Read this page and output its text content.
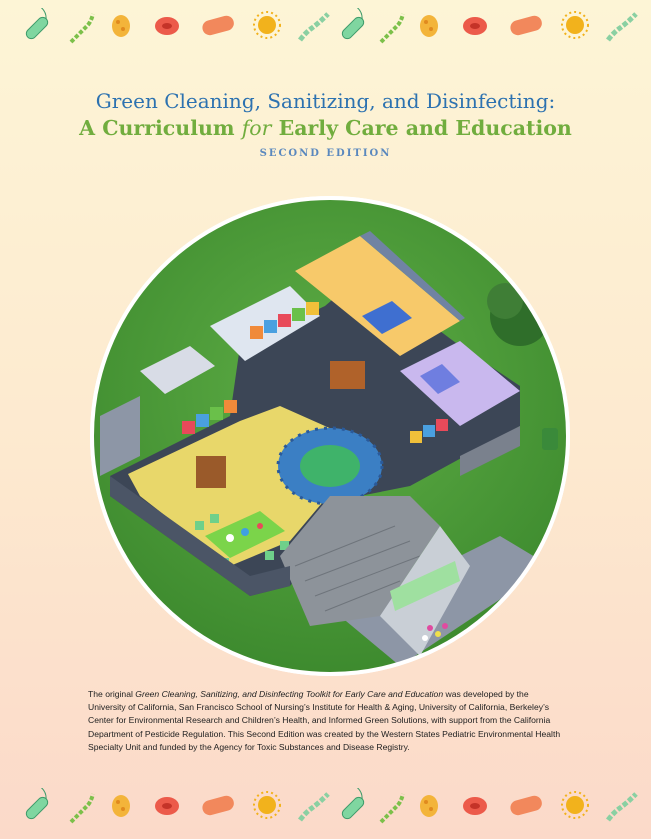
Green Cleaning, Sanitizing, and Disinfecting:

A Curriculum for Early Care and Education

SECOND EDITION
The original Green Cleaning, Sanitizing, and Disinfecting Toolkit for Early Care and Education was developed by the University of California, San Francisco School of Nursing’s Institute for Health & Aging, University of California, Berkeley’s Center for Environmental Research and Children’s Health, and Informed Green Solutions, with support from the California Department of Pesticide Regulation. This Second Edition was created by the Western States Pediatric Environmental Health Specialty Unit and funded by the Agency for Toxic Substances and Disease Registry.
